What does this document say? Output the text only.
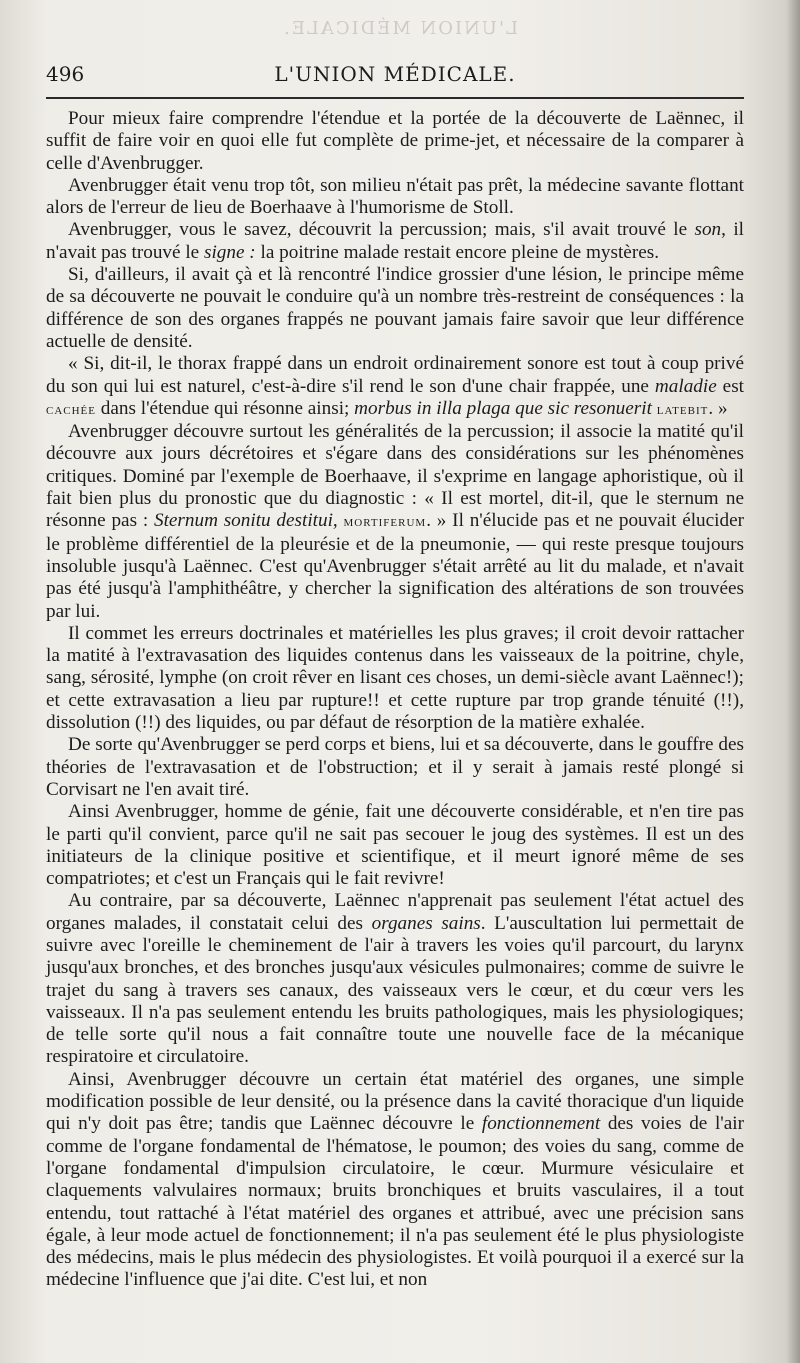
L'UNION MÉDICALE.
496	L'UNION MÉDICALE.

Pour mieux faire comprendre l'étendue et la portée de la découverte de Laënnec, il suffit de faire voir en quoi elle fut complète de prime-jet, et nécessaire de la comparer à celle d'Avenbrugger.

Avenbrugger était venu trop tôt, son milieu n'était pas prêt, la médecine savante flottant alors de l'erreur de lieu de Boerhaave à l'humorisme de Stoll.

Avenbrugger, vous le savez, découvrit la percussion; mais, s'il avait trouvé le son, il n'avait pas trouvé le signe : la poitrine malade restait encore pleine de mystères.

Si, d'ailleurs, il avait çà et là rencontré l'indice grossier d'une lésion, le principe même de sa découverte ne pouvait le conduire qu'à un nombre très-restreint de conséquences : la différence de son des organes frappés ne pouvant jamais faire savoir que leur différence actuelle de densité.

« Si, dit-il, le thorax frappé dans un endroit ordinairement sonore est tout à coup privé du son qui lui est naturel, c'est-à-dire s'il rend le son d'une chair frappée, une maladie est cachée dans l'étendue qui résonne ainsi; morbus in illa plaga que sic resonuerit latebit. »

Avenbrugger découvre surtout les généralités de la percussion; il associe la matité qu'il découvre aux jours décrétoires et s'égare dans des considérations sur les phénomènes critiques. Dominé par l'exemple de Boerhaave, il s'exprime en langage aphoristique, où il fait bien plus du pronostic que du diagnostic : « Il est mortel, dit-il, que le sternum ne résonne pas : Sternum sonitu destitui, mortiferum. » Il n'élucide pas et ne pouvait élucider le problème différentiel de la pleurésie et de la pneumonie, — qui reste presque toujours insoluble jusqu'à Laënnec. C'est qu'Avenbrugger s'était arrêté au lit du malade, et n'avait pas été jusqu'à l'amphithéâtre, y chercher la signification des altérations de son trouvées par lui.

Il commet les erreurs doctrinales et matérielles les plus graves; il croit devoir rattacher la matité à l'extravasation des liquides contenus dans les vaisseaux de la poitrine, chyle, sang, sérosité, lymphe (on croit rêver en lisant ces choses, un demi-siècle avant Laënnec!); et cette extravasation a lieu par rupture!! et cette rupture par trop grande ténuité (!!), dissolution (!!) des liquides, ou par défaut de résorption de la matière exhalée.

De sorte qu'Avenbrugger se perd corps et biens, lui et sa découverte, dans le gouffre des théories de l'extravasation et de l'obstruction; et il y serait à jamais resté plongé si Corvisart ne l'en avait tiré.

Ainsi Avenbrugger, homme de génie, fait une découverte considérable, et n'en tire pas le parti qu'il convient, parce qu'il ne sait pas secouer le joug des systèmes. Il est un des initiateurs de la clinique positive et scientifique, et il meurt ignoré même de ses compatriotes; et c'est un Français qui le fait revivre!

Au contraire, par sa découverte, Laënnec n'apprenait pas seulement l'état actuel des organes malades, il constatait celui des organes sains. L'auscultation lui permettait de suivre avec l'oreille le cheminement de l'air à travers les voies qu'il parcourt, du larynx jusqu'aux bronches, et des bronches jusqu'aux vésicules pulmonaires; comme de suivre le trajet du sang à travers ses canaux, des vaisseaux vers le cœur, et du cœur vers les vaisseaux. Il n'a pas seulement entendu les bruits pathologiques, mais les physiologiques; de telle sorte qu'il nous a fait connaître toute une nouvelle face de la mécanique respiratoire et circulatoire.

Ainsi, Avenbrugger découvre un certain état matériel des organes, une simple modification possible de leur densité, ou la présence dans la cavité thoracique d'un liquide qui n'y doit pas être; tandis que Laënnec découvre le fonctionnement des voies de l'air comme de l'organe fondamental de l'hématose, le poumon; des voies du sang, comme de l'organe fondamental d'impulsion circulatoire, le cœur. Murmure vésiculaire et claquements valvulaires normaux; bruits bronchiques et bruits vasculaires, il a tout entendu, tout rattaché à l'état matériel des organes et attribué, avec une précision sans égale, à leur mode actuel de fonctionnement; il n'a pas seulement été le plus physiologiste des médecins, mais le plus médecin des physiologistes. Et voilà pourquoi il a exercé sur la médecine l'influence que j'ai dite. C'est lui, et non
